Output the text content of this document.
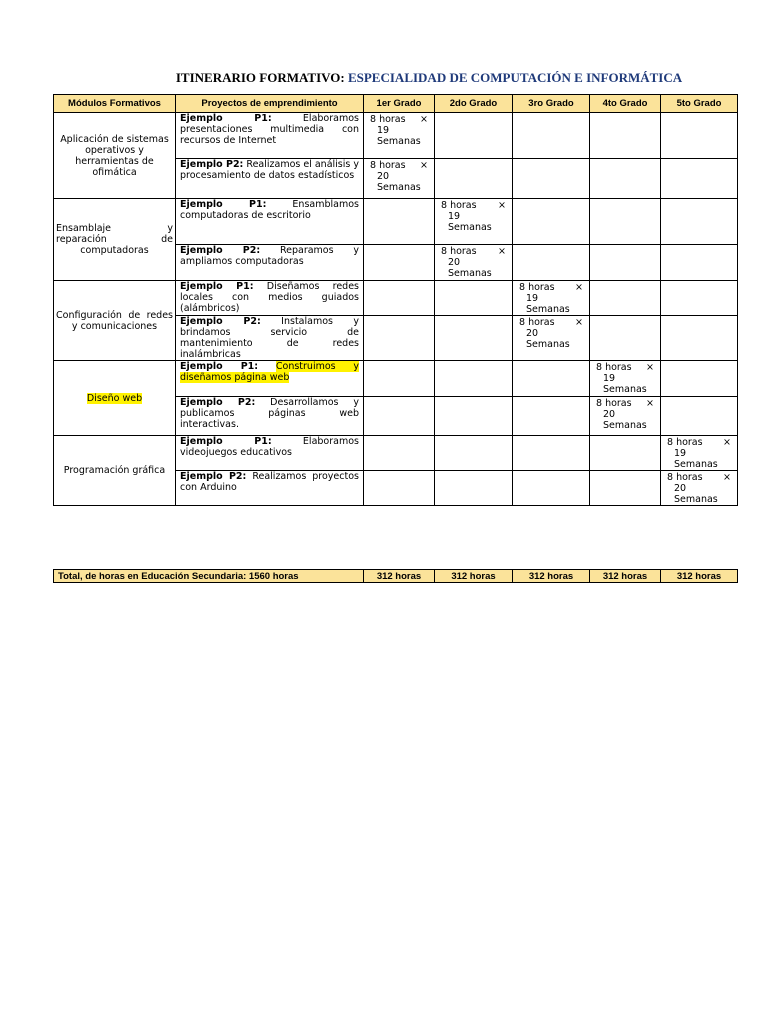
ITINERARIO FORMATIVO: ESPECIALIDAD DE COMPUTACIÓN E INFORMÁTICA
Módulos Formativos	Proyectos de emprendimiento	1er Grado	2do Grado	3ro Grado	4to Grado	5to Grado
Aplicación de sistemas operativos y herramientas de ofimática	Ejemplo P1: Elaboramos presentaciones multimedia con recursos de Internet	8 horas ×
19
Semanas				

	Ejemplo P2: Realizamos el análisis y procesamiento de datos estadísticos	8 horas ×
20
Semanas				

Ensamblaje y reparación de computadoras	Ejemplo P1: Ensamblamos computadoras de escritorio		8 horas ×
19
Semanas			

	Ejemplo P2: Reparamos y ampliamos computadoras		8 horas ×
20
Semanas			

Configuración de redes y comunicaciones	Ejemplo P1: Diseñamos redes locales con medios guiados (alámbricos)			8 horas ×
19
Semanas		

	Ejemplo P2: Instalamos y brindamos servicio de mantenimiento de redes inalámbricas			8 horas ×
20
Semanas		

Diseño web	Ejemplo P1: Construimos y diseñamos página web				8 horas ×
19
Semanas	

	Ejemplo P2: Desarrollamos y publicamos páginas web interactivas.				8 horas ×
20
Semanas	

Programación gráfica	Ejemplo P1: Elaboramos videojuegos educativos					8 horas ×
19
Semanas

	Ejemplo P2: Realizamos proyectos con Arduino					8 horas ×
20
Semanas
Total, de horas en Educación Secundaria: 1560 horas	312 horas	312 horas	312 horas	312 horas	312 horas
